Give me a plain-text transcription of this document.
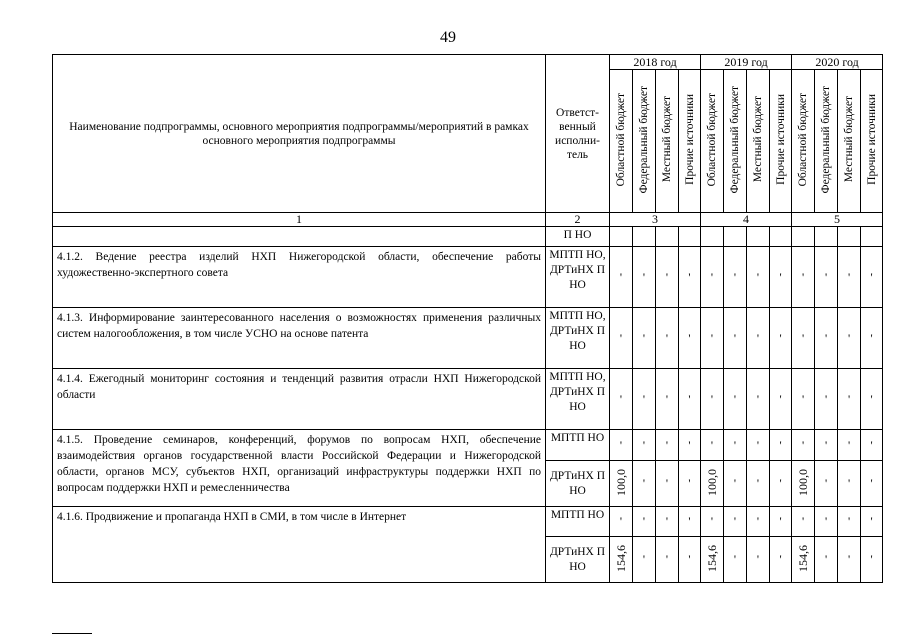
49
Наименование подпрограммы, основного мероприятия подпрограммы/мероприятий в рамках основного мероприятия подпрограммы	Ответст-венный исполни-тель	2018 год				2019 год				2020 год			
		Областной бюджет	Федеральный бюджет	Местный бюджет	Прочие источники	Областной бюджет	Федеральный бюджет	Местный бюджет	Прочие источники	Областной бюджет	Федеральный бюджет	Местный бюджет	Прочие источники
1	2	3				4				5			
	П НО												
4.1.2. Ведение реестра изделий НХП Нижегородской области, обеспечение работы художественно-экспертного совета	МПТП НО, ДРТиНХ П НО	'	'	'	'	'	'	'	'	'	'	'	'
4.1.3. Информирование заинтересованного населения о возможностях применения различных систем налогообложения, в том числе УСНО на основе патента	МПТП НО, ДРТиНХ П НО	'	'	'	'	'	'	'	'	'	'	'	'
4.1.4. Ежегодный мониторинг состояния и тенденций развития отрасли НХП Нижегородской области	МПТП НО, ДРТиНХ П НО	'	'	'	'	'	'	'	'	'	'	'	'
4.1.5. Проведение семинаров, конференций, форумов по вопросам НХП, обеспечение взаимодействия органов государственной власти Российской Федерации и Нижегородской области, органов МСУ, субъектов НХП, организаций инфраструктуры поддержки НХП по вопросам поддержки НХП и ремесленничества	МПТП НО	'	'	'	'	'	'	'	'	'	'	'	'
	ДРТиНХ П НО	100,0	'	'	'	100,0	'	'	'	100,0	'	'	'
4.1.6. Продвижение и пропаганда НХП в СМИ, в том числе в Интернет	МПТП НО	'	'	'	'	'	'	'	'	'	'	'	'
	ДРТиНХ П НО	154,6	'	'	'	154,6	'	'	'	154,6	'	'	'
